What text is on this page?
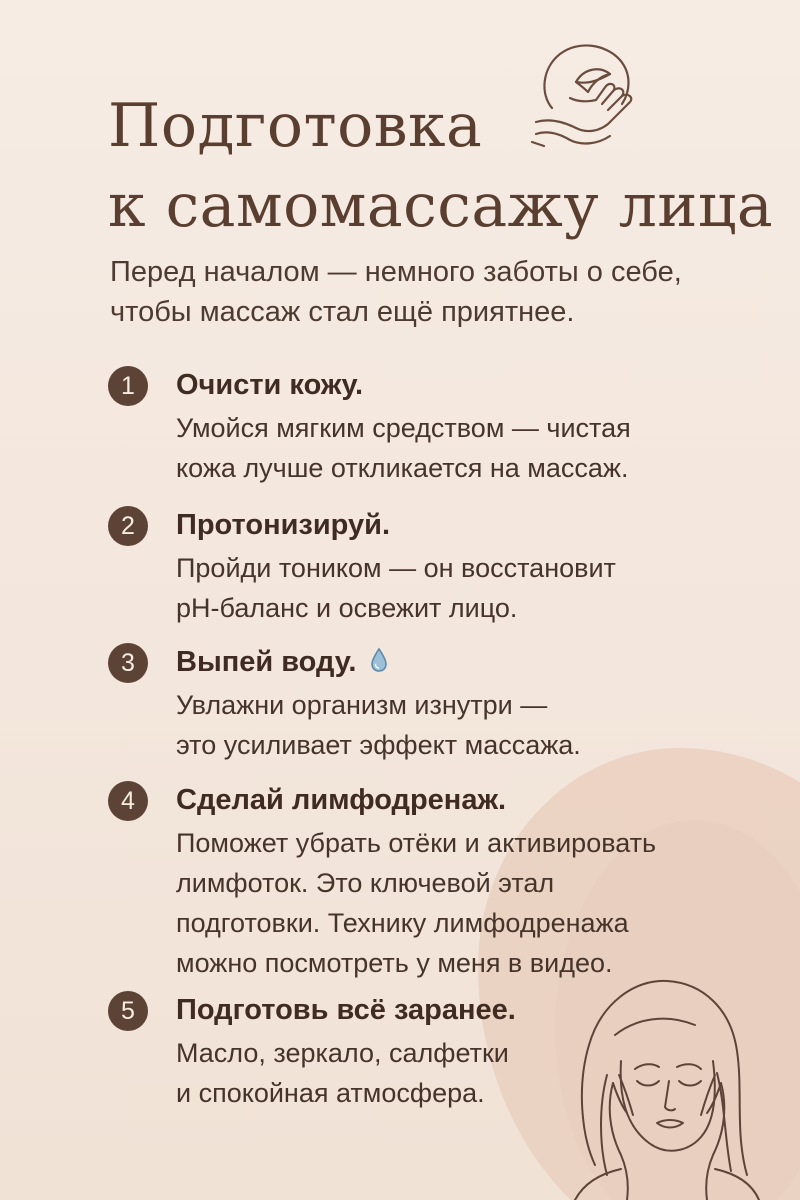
Подготовка
к самомассажу лица
Перед началом — немного заботы о себе,
чтобы массаж стал ещё приятнее.
1	Очисти кожу.
Умойся мягким средством — чистая
кожа лучше откликается на массаж.
2	Протонизируй.
Пройди тоником — он восстановит
pH-баланс и освежит лицо.
3	Выпей воду.
Увлажни организм изнутри —
это усиливает эффект массажа.
4	Сделай лимфодренаж.
Поможет убрать отёки и активировать
лимфоток. Это ключевой этал
подготовки. Технику лимфодренажа
можно посмотреть у меня в видео.
5	Подготовь всё заранее.
Масло, зеркало, салфетки
и спокойная атмосфера.
